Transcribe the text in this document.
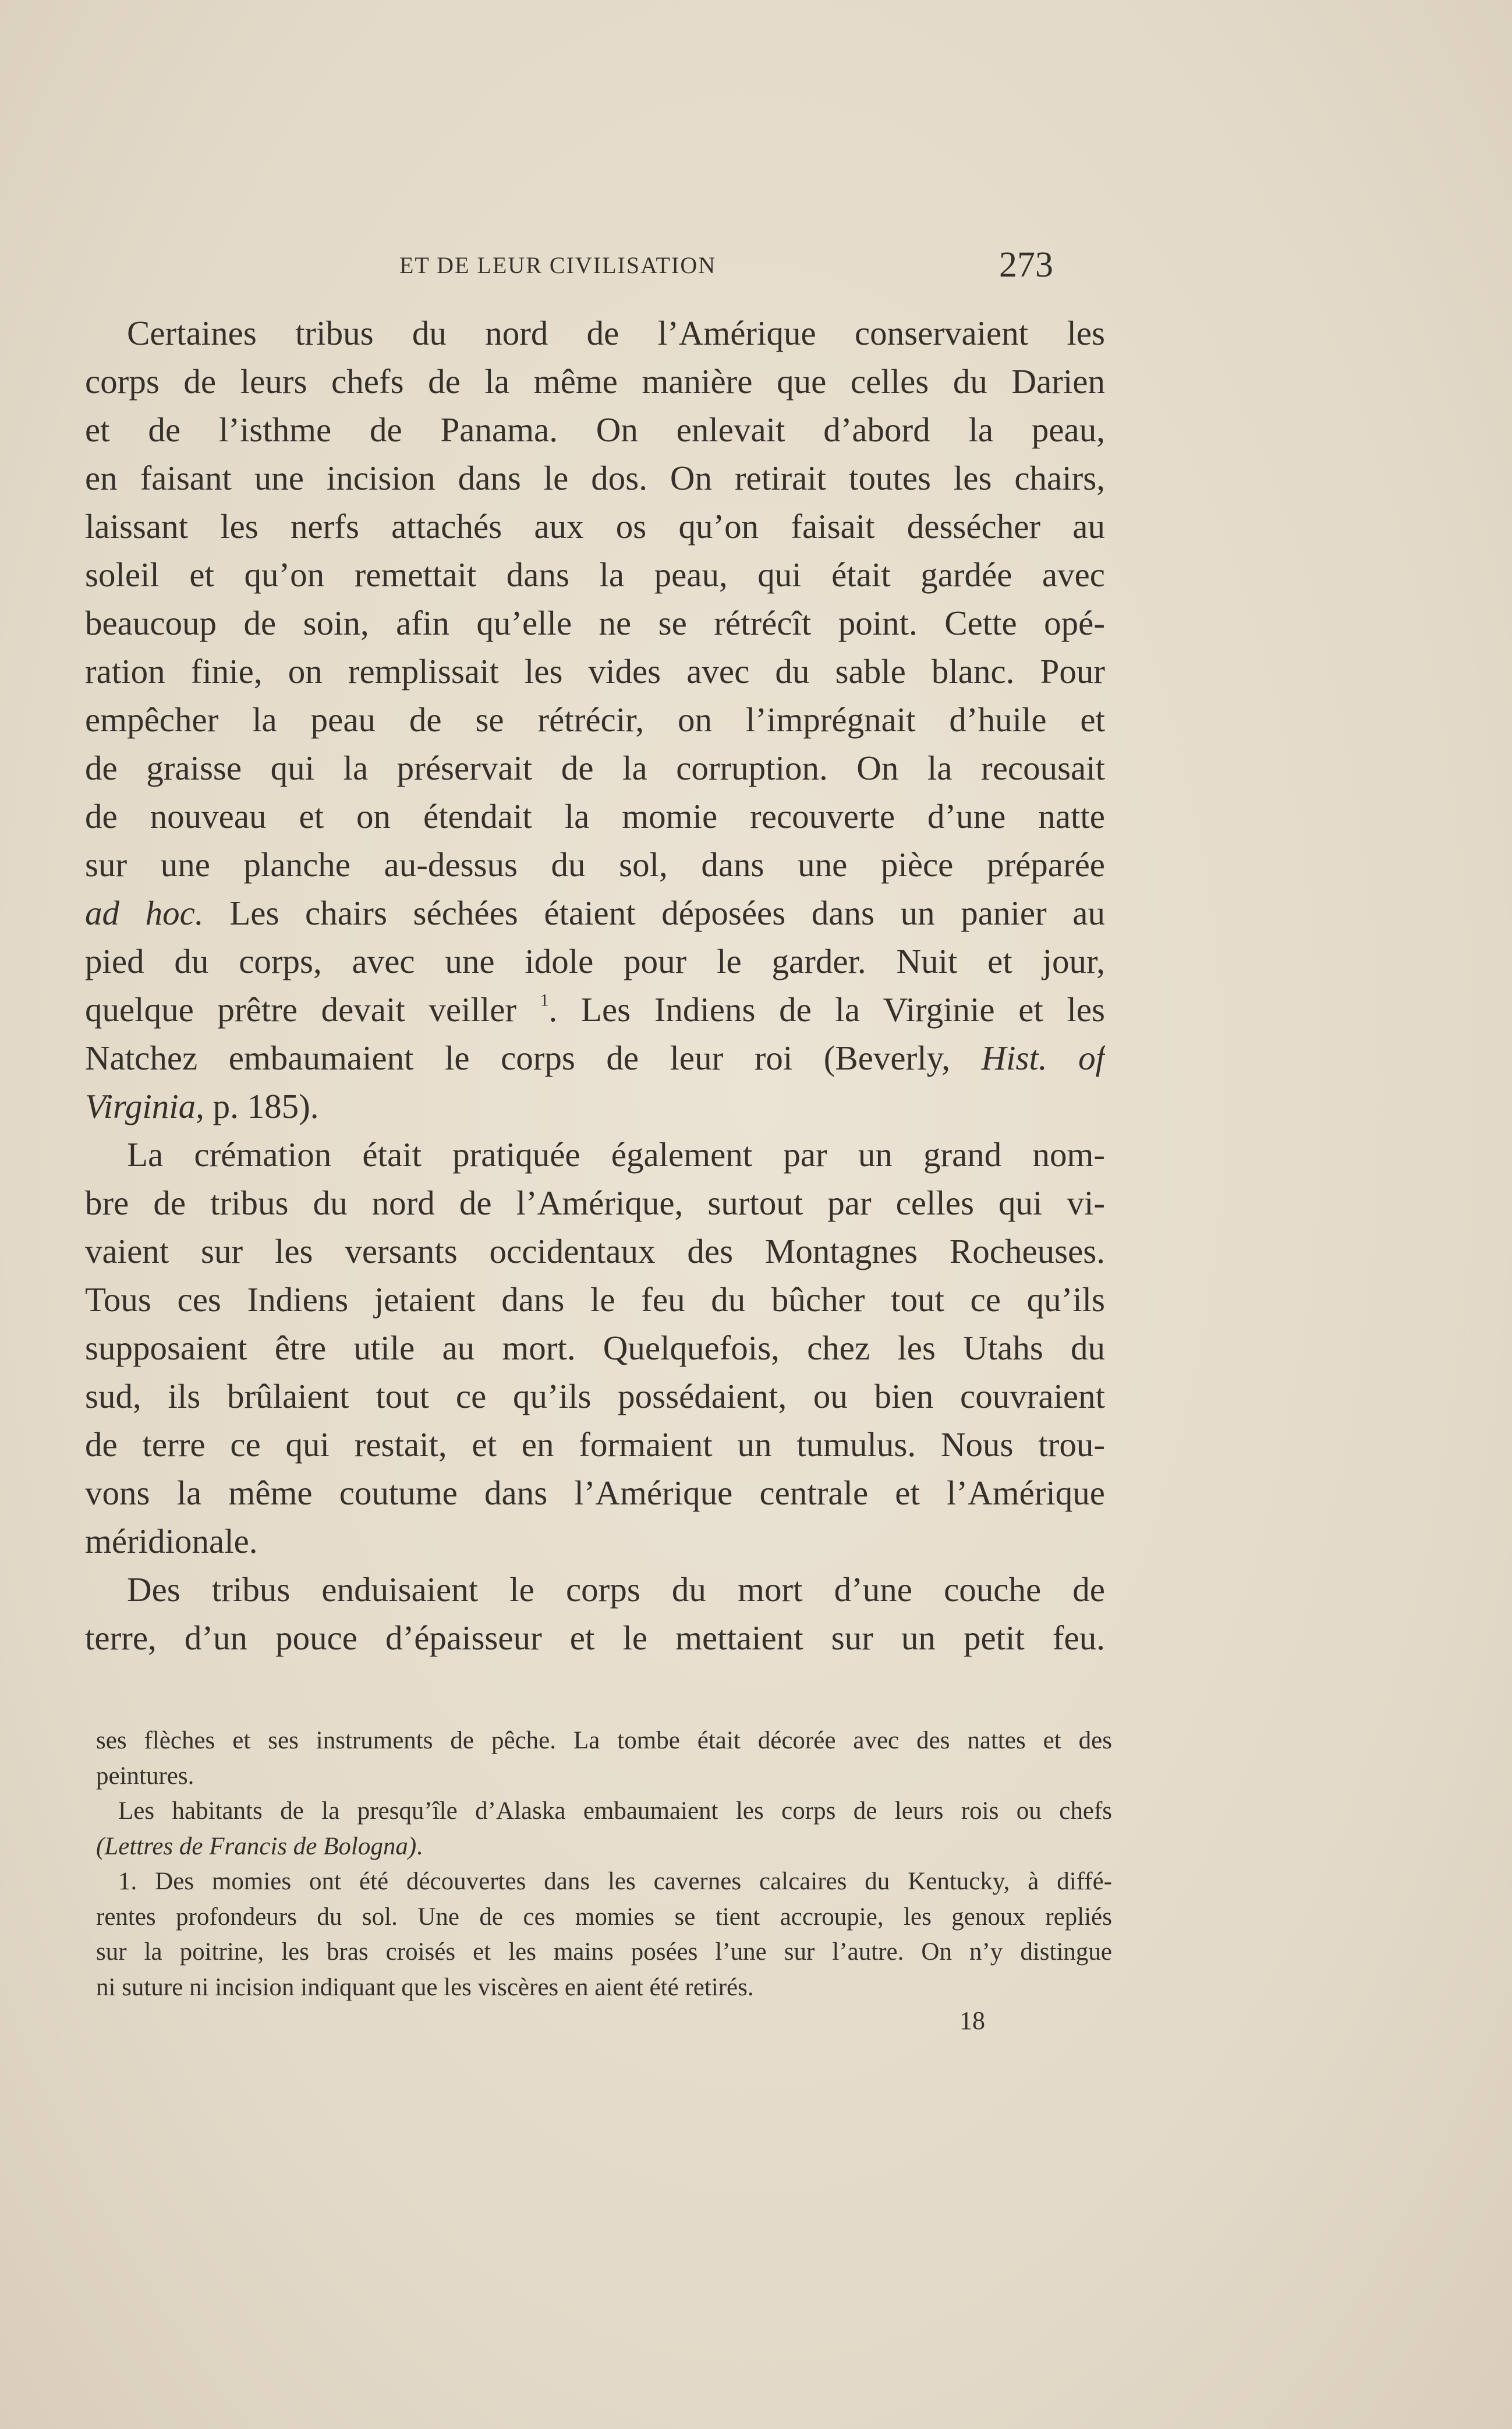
ET DE LEUR CIVILISATION	273
Certaines tribus du nord de l’Amérique conservaient les
corps de leurs chefs de la même manière que celles du Darien
et de l’isthme de Panama. On enlevait d’abord la peau,
en faisant une incision dans le dos. On retirait toutes les chairs,
laissant les nerfs attachés aux os qu’on faisait dessécher au
soleil et qu’on remettait dans la peau, qui était gardée avec
beaucoup de soin, afin qu’elle ne se rétrécît point. Cette opé-
ration finie, on remplissait les vides avec du sable blanc. Pour
empêcher la peau de se rétrécir, on l’imprégnait d’huile et
de graisse qui la préservait de la corruption. On la recousait
de nouveau et on étendait la momie recouverte d’une natte
sur une planche au-dessus du sol, dans une pièce préparée
ad hoc. Les chairs séchées étaient déposées dans un panier au
pied du corps, avec une idole pour le garder. Nuit et jour,
quelque prêtre devait veiller $^1$. Les Indiens de la Virginie et les
Natchez embaumaient le corps de leur roi (Beverly, Hist. of
Virginia, p. 185).
La crémation était pratiquée également par un grand nom-
bre de tribus du nord de l’Amérique, surtout par celles qui vi-
vaient sur les versants occidentaux des Montagnes Rocheuses.
Tous ces Indiens jetaient dans le feu du bûcher tout ce qu’ils
supposaient être utile au mort. Quelquefois, chez les Utahs du
sud, ils brûlaient tout ce qu’ils possédaient, ou bien couvraient
de terre ce qui restait, et en formaient un tumulus. Nous trou-
vons la même coutume dans l’Amérique centrale et l’Amérique
méridionale.
Des tribus enduisaient le corps du mort d’une couche de
terre, d’un pouce d’épaisseur et le mettaient sur un petit feu.
ses flèches et ses instruments de pêche. La tombe était décorée avec des nattes et des
peintures.
Les habitants de la presqu’île d’Alaska embaumaient les corps de leurs rois ou chefs
(Lettres de Francis de Bologna).
1. Des momies ont été découvertes dans les cavernes calcaires du Kentucky, à diffé-
rentes profondeurs du sol. Une de ces momies se tient accroupie, les genoux repliés
sur la poitrine, les bras croisés et les mains posées l’une sur l’autre. On n’y distingue
ni suture ni incision indiquant que les viscères en aient été retirés.
18
